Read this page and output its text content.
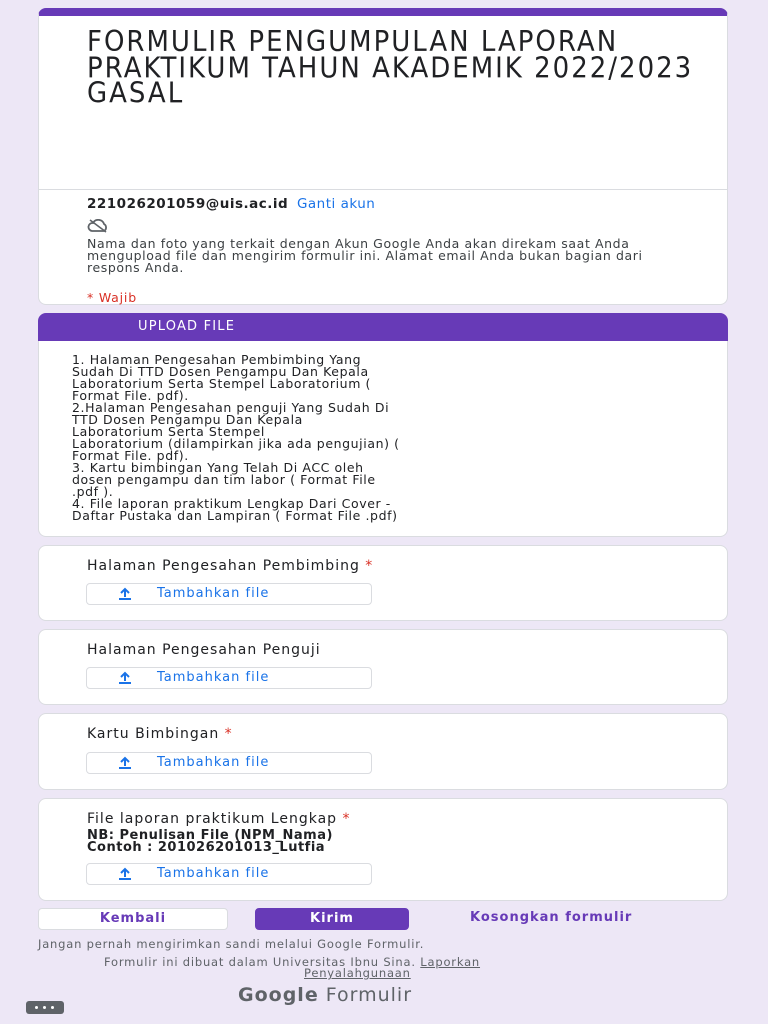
FORMULIR PENGUMPULAN LAPORAN PRAKTIKUM TAHUN AKADEMIK 2022/2023 GASAL
221026201059@uis.ac.id Ganti akun
Nama dan foto yang terkait dengan Akun Google Anda akan direkam saat Anda mengupload file dan mengirim formulir ini. Alamat email Anda bukan bagian dari respons Anda.
* Wajib
UPLOAD FILE
1. Halaman Pengesahan Pembimbing Yang
Sudah Di TTD Dosen Pengampu Dan Kepala
Laboratorium Serta Stempel Laboratorium (
Format File. pdf).
2.Halaman Pengesahan penguji Yang Sudah Di
TTD Dosen Pengampu Dan Kepala
Laboratorium Serta Stempel
Laboratorium (dilampirkan jika ada pengujian) (
Format File. pdf).
3. Kartu bimbingan Yang Telah Di ACC oleh
dosen pengampu dan tim labor ( Format File
.pdf ).
4. File laporan praktikum Lengkap Dari Cover -
Daftar Pustaka dan Lampiran ( Format File .pdf)
Halaman Pengesahan Pembimbing *
Tambahkan file
Halaman Pengesahan Penguji
Tambahkan file
Kartu Bimbingan *
Tambahkan file
File laporan praktikum Lengkap *
NB: Penulisan File (NPM_Nama)
Contoh : 201026201013_Lutfia
Tambahkan file
Kembali	Kirim	Kosongkan formulir
Jangan pernah mengirimkan sandi melalui Google Formulir.
Formulir ini dibuat dalam Universitas Ibnu Sina. Laporkan
Penyalahgunaan
Google Formulir
